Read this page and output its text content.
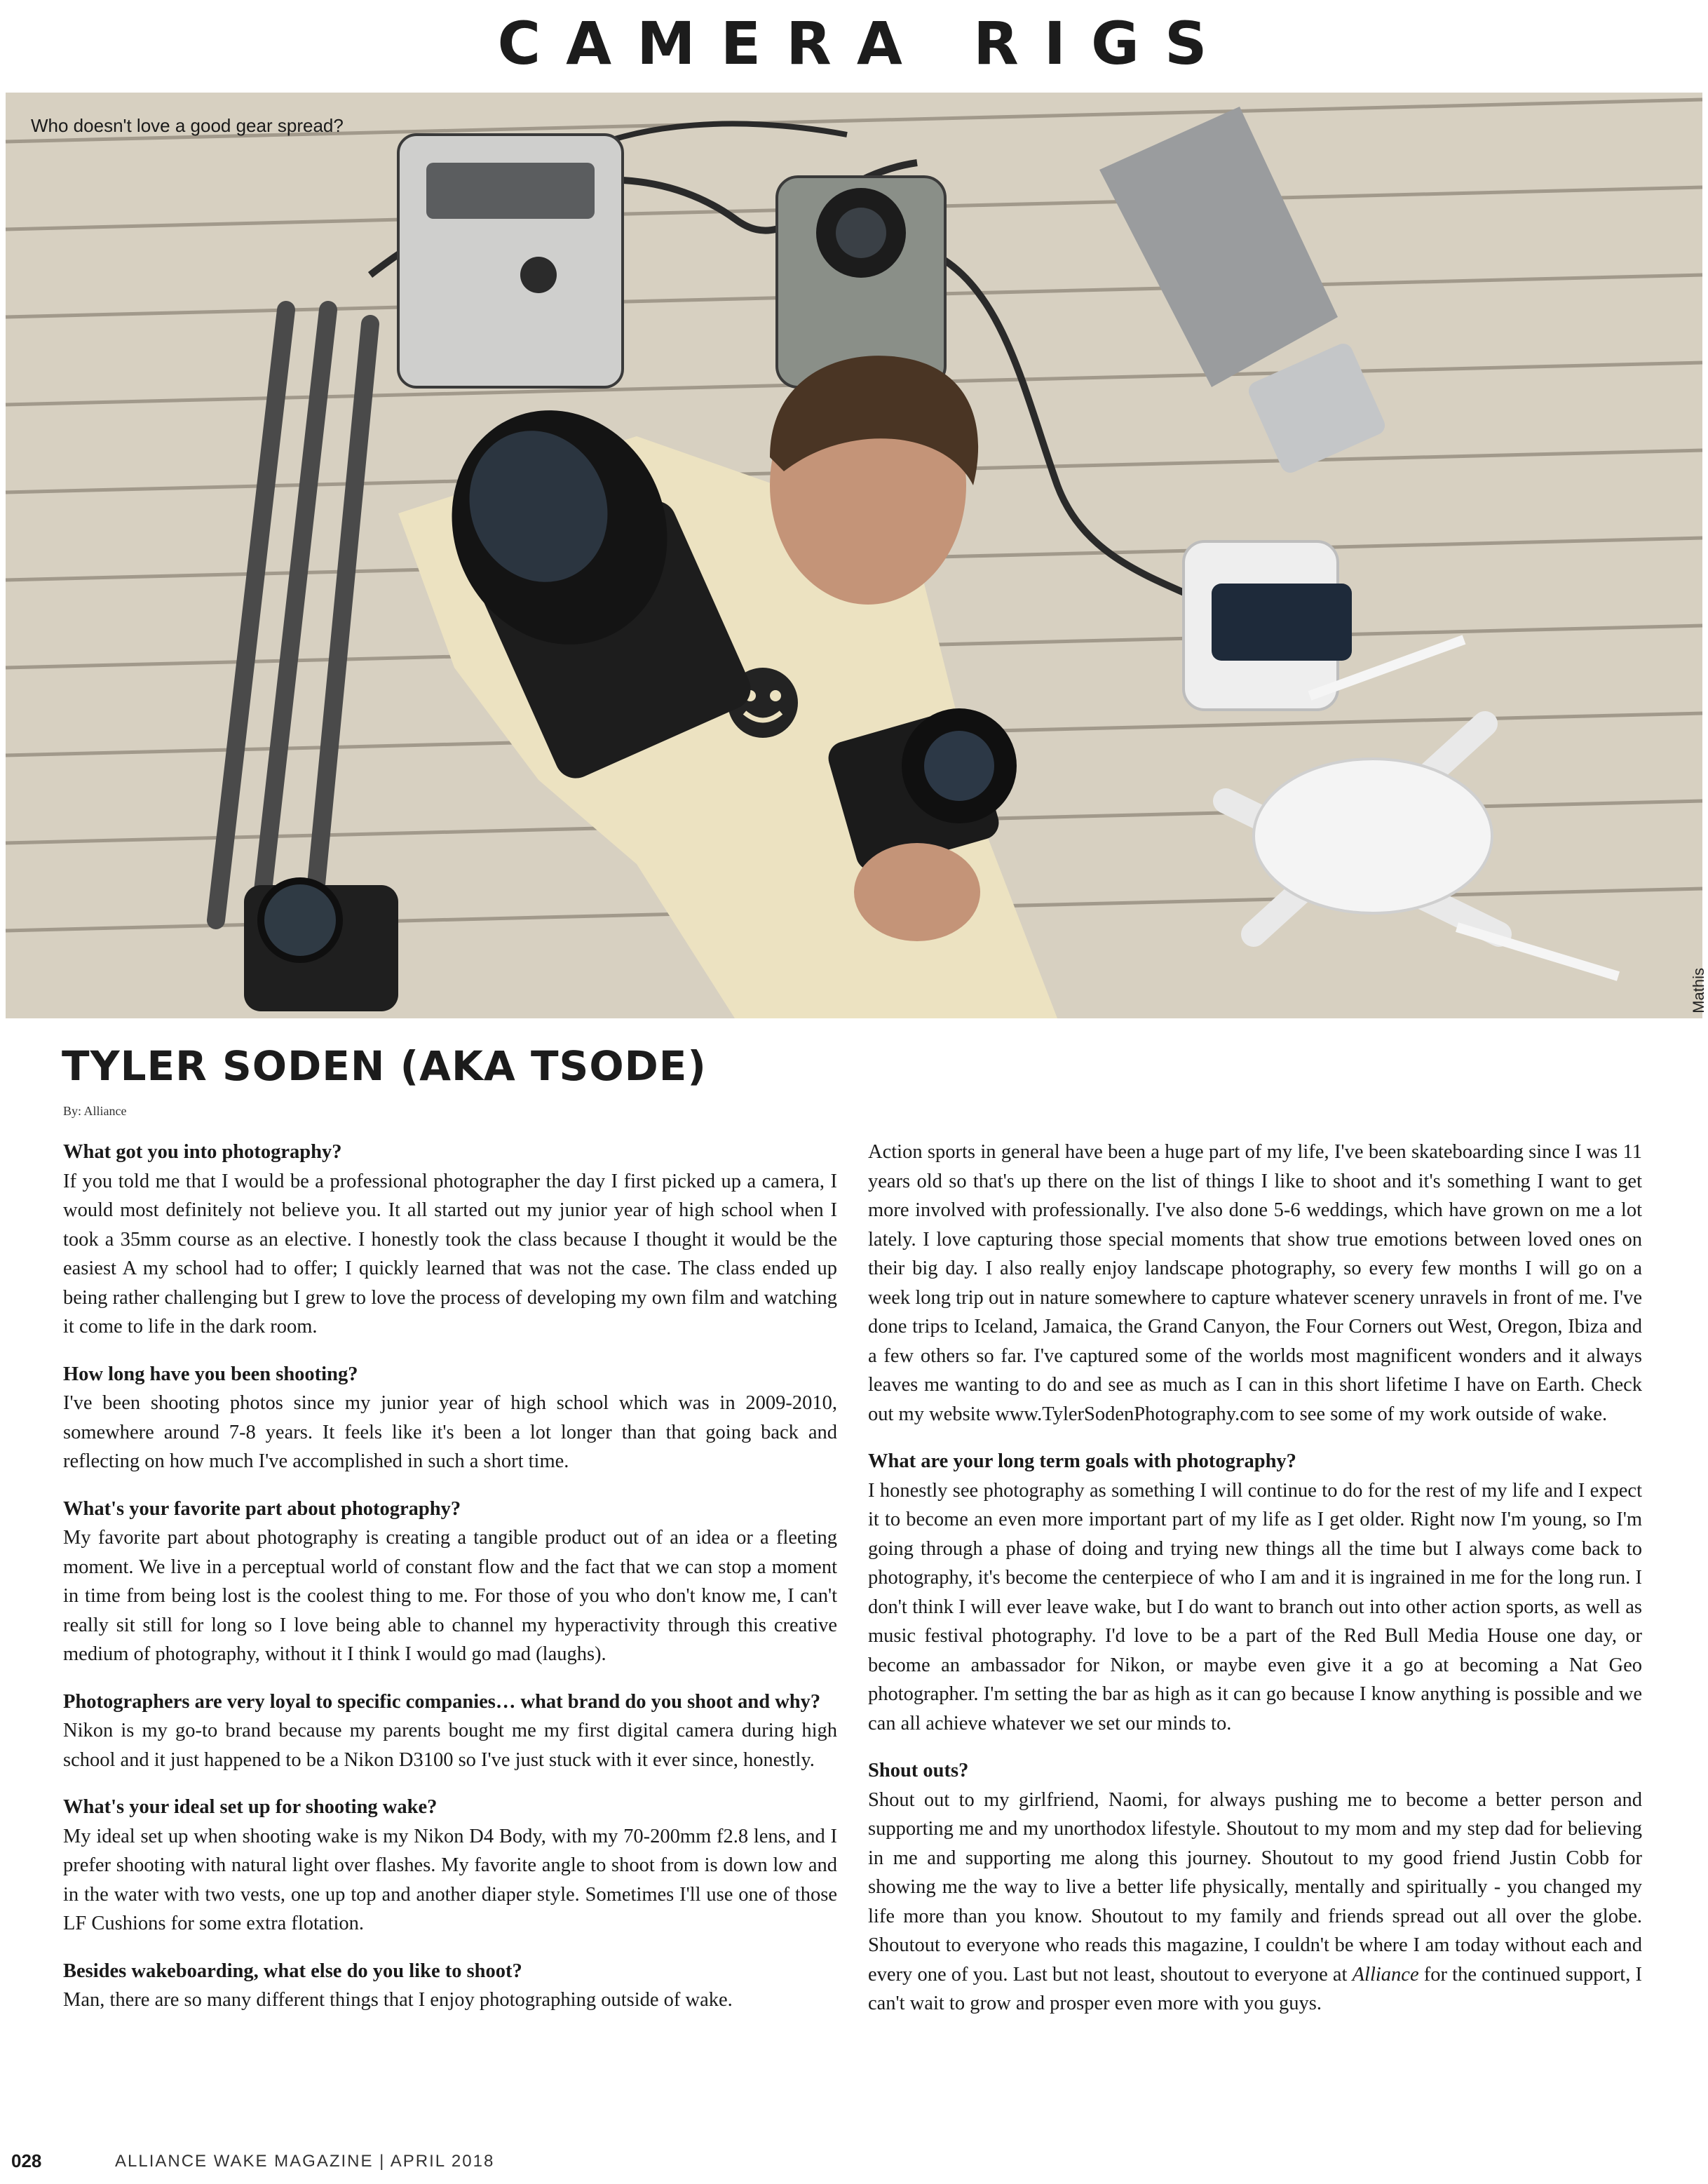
CAMERA RIGS
Who doesn't love a good gear spread?
Mathis
TYLER SODEN (AKA TSODE)
By: Alliance

What got you into photography?

If you told me that I would be a professional photographer the day I first picked up a camera, I would most definitely not believe you. It all started out my junior year of high school when I took a 35mm course as an elective. I honestly took the class because I thought it would be the easiest A my school had to offer; I quickly learned that was not the case. The class ended up being rather challenging but I grew to love the process of developing my own film and watching it come to life in the dark room.

How long have you been shooting?

I've been shooting photos since my junior year of high school which was in 2009-2010, somewhere around 7-8 years. It feels like it's been a lot longer than that going back and reflecting on how much I've accomplished in such a short time.

What's your favorite part about photography?

My favorite part about photography is creating a tangible product out of an idea or a fleeting moment. We live in a perceptual world of constant flow and the fact that we can stop a moment in time from being lost is the coolest thing to me. For those of you who don't know me, I can't really sit still for long so I love being able to channel my hyperactivity through this creative medium of photography, without it I think I would go mad (laughs).

Photographers are very loyal to specific companies… what brand do you shoot and why?

Nikon is my go-to brand because my parents bought me my first digital camera during high school and it just happened to be a Nikon D3100 so I've just stuck with it ever since, honestly.

What's your ideal set up for shooting wake?

My ideal set up when shooting wake is my Nikon D4 Body, with my 70-200mm f2.8 lens, and I prefer shooting with natural light over flashes. My favorite angle to shoot from is down low and in the water with two vests, one up top and another diaper style. Sometimes I'll use one of those LF Cushions for some extra flotation.

Besides wakeboarding, what else do you like to shoot?

Man, there are so many different things that I enjoy photographing outside of wake.

Action sports in general have been a huge part of my life, I've been skateboarding since I was 11 years old so that's up there on the list of things I like to shoot and it's something I want to get more involved with professionally. I've also done 5-6 weddings, which have grown on me a lot lately. I love capturing those special moments that show true emotions between loved ones on their big day. I also really enjoy landscape photography, so every few months I will go on a week long trip out in nature somewhere to capture whatever scenery unravels in front of me. I've done trips to Iceland, Jamaica, the Grand Canyon, the Four Corners out West, Oregon, Ibiza and a few others so far. I've captured some of the worlds most magnificent wonders and it always leaves me wanting to do and see as much as I can in this short lifetime I have on Earth. Check out my website www.TylerSodenPhotography.com to see some of my work outside of wake.

What are your long term goals with photography?

I honestly see photography as something I will continue to do for the rest of my life and I expect it to become an even more important part of my life as I get older. Right now I'm young, so I'm going through a phase of doing and trying new things all the time but I always come back to photography, it's become the centerpiece of who I am and it is ingrained in me for the long run. I don't think I will ever leave wake, but I do want to branch out into other action sports, as well as music festival photography. I'd love to be a part of the Red Bull Media House one day, or become an ambassador for Nikon, or maybe even give it a go at becoming a Nat Geo photographer. I'm setting the bar as high as it can go because I know anything is possible and we can all achieve whatever we set our minds to.

Shout outs?

Shout out to my girlfriend, Naomi, for always pushing me to become a better person and supporting me and my unorthodox lifestyle. Shoutout to my mom and my step dad for believing in me and supporting me along this journey. Shoutout to my good friend Justin Cobb for showing me the way to live a better life physically, mentally and spiritually - you changed my life more than you know. Shoutout to my family and friends spread out all over the globe. Shoutout to everyone who reads this magazine, I couldn't be where I am today without each and every one of you. Last but not least, shoutout to everyone at Alliance for the continued support, I can't wait to grow and prosper even more with you guys.

028	ALLIANCE WAKE MAGAZINE | APRIL 2018
